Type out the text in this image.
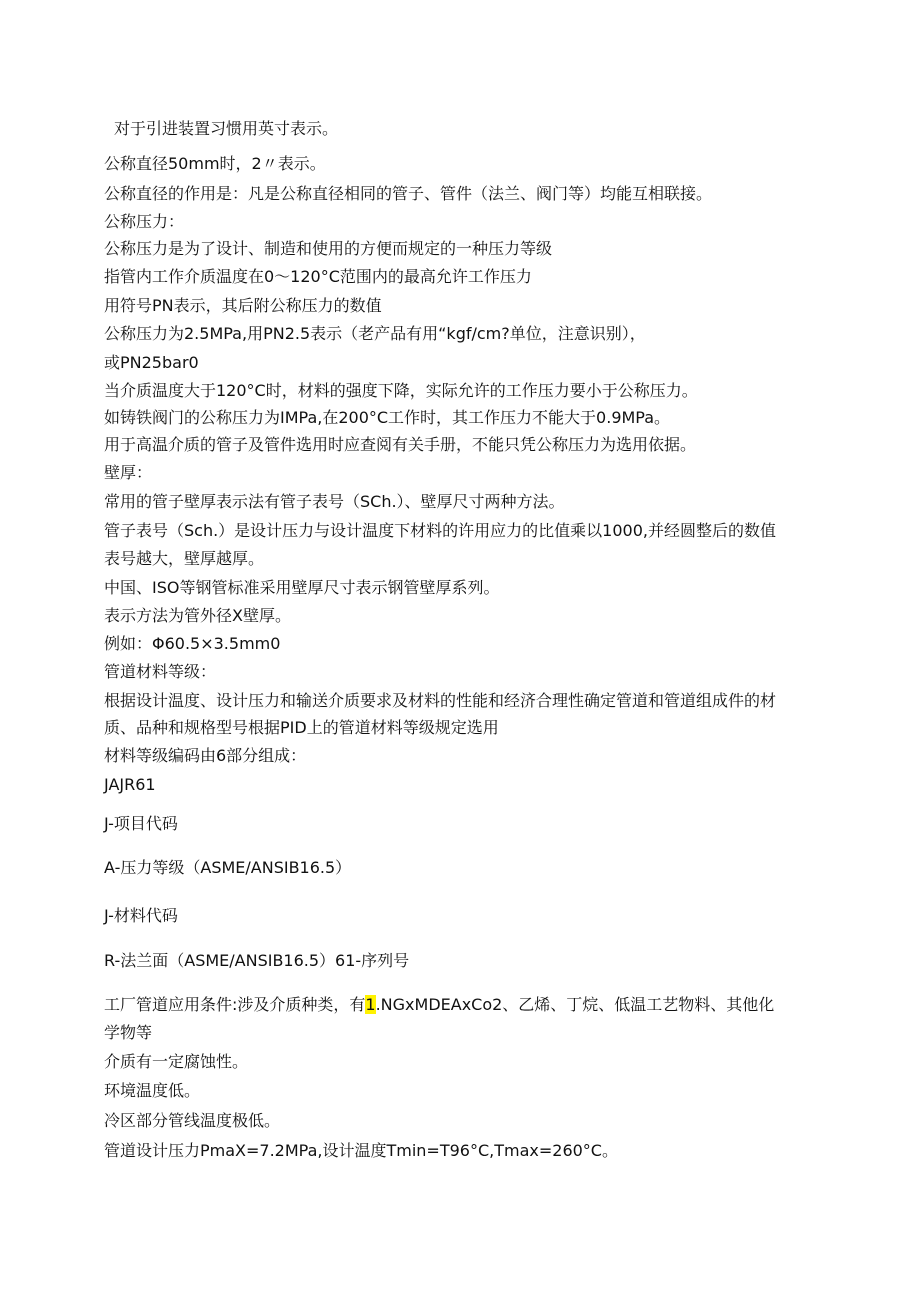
对于引进装置习惯用英寸表示。
公称直径50mm时，2〃表示。
公称直径的作用是：凡是公称直径相同的管子、管件（法兰、阀门等）均能互相联接。
公称压力：
公称压力是为了设计、制造和使用的方便而规定的一种压力等级
指管内工作介质温度在0〜120°C范围内的最高允许工作压力
用符号PN表示，其后附公称压力的数值
公称压力为2.5MPa,用PN2.5表示（老产品有用“kgf/cm?单位，注意识别），
或PN25bar0
当介质温度大于120°C时，材料的强度下降，实际允许的工作压力要小于公称压力。
如铸铁阀门的公称压力为IMPa,在200°C工作时，其工作压力不能大于0.9MPa。
用于高温介质的管子及管件选用时应查阅有关手册，不能只凭公称压力为选用依据。
壁厚：
常用的管子壁厚表示法有管子表号（SCh.）、壁厚尺寸两种方法。
管子表号（Sch.）是设计压力与设计温度下材料的许用应力的比值乘以1000,并经圆整后的数值
表号越大，壁厚越厚。
中国、ISO等钢管标准采用壁厚尺寸表示钢管壁厚系列。
表示方法为管外径X壁厚。
例如：Φ60.5×3.5mm0
管道材料等级：
根据设计温度、设计压力和输送介质要求及材料的性能和经济合理性确定管道和管道组成件的材
质、品种和规格型号根据PID上的管道材料等级规定选用
材料等级编码由6部分组成：
JAJR61
J-项目代码
A-压力等级（ASME/ANSIB16.5）
J-材料代码
R-法兰面（ASME/ANSIB16.5）61-序列号
工厂管道应用条件:涉及介质种类，有1.NGxMDEAxCo2、乙烯、丁烷、低温工艺物料、其他化
学物等
介质有一定腐蚀性。
环境温度低。
冷区部分管线温度极低。
管道设计压力PmaX=7.2MPa,设计温度Tmin=T96°C,Tmax=260°C。
